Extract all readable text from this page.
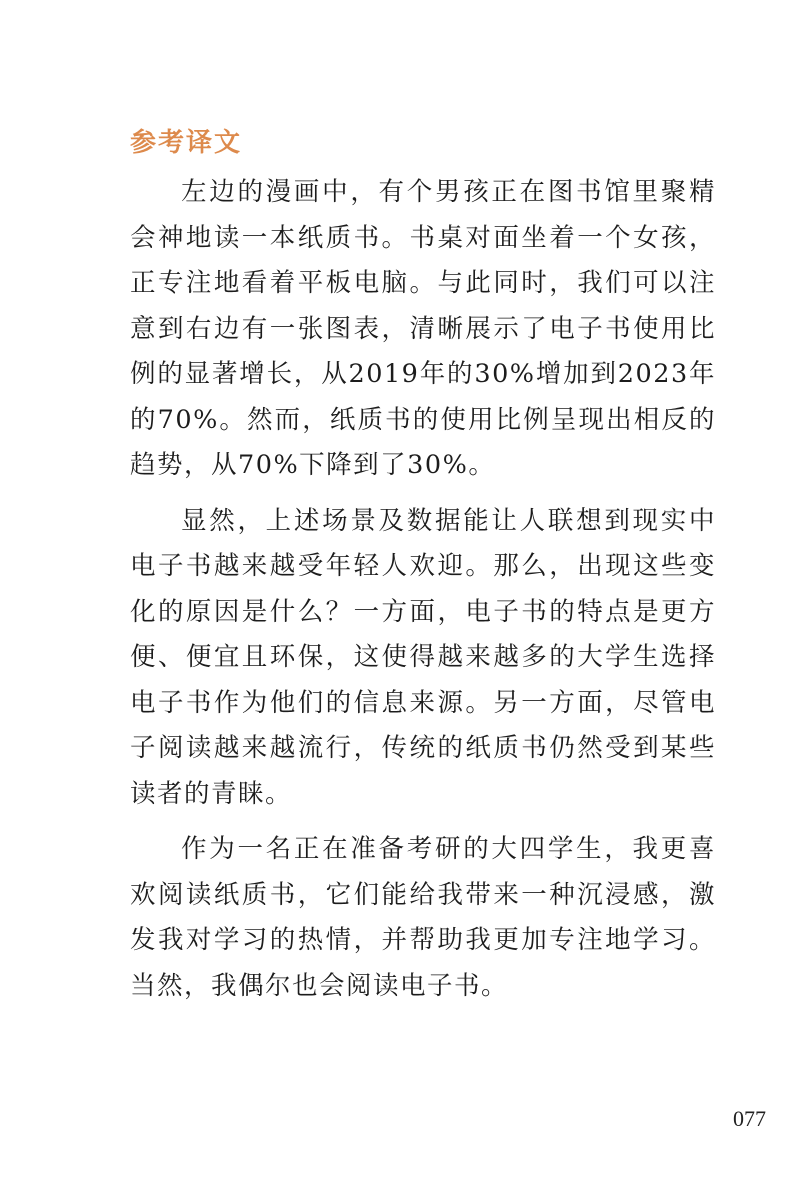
参考译文

左边的漫画中，有个男孩正在图书馆里聚精会神地读一本纸质书。书桌对面坐着一个女孩，正专注地看着平板电脑。与此同时，我们可以注意到右边有一张图表，清晰展示了电子书使用比例的显著增长，从2019年的30%增加到2023年的70%。然而，纸质书的使用比例呈现出相反的趋势，从70%下降到了30%。

显然，上述场景及数据能让人联想到现实中电子书越来越受年轻人欢迎。那么，出现这些变化的原因是什么？一方面，电子书的特点是更方便、便宜且环保，这使得越来越多的大学生选择电子书作为他们的信息来源。另一方面，尽管电子阅读越来越流行，传统的纸质书仍然受到某些读者的青睐。

作为一名正在准备考研的大四学生，我更喜欢阅读纸质书，它们能给我带来一种沉浸感，激发我对学习的热情，并帮助我更加专注地学习。当然，我偶尔也会阅读电子书。

077
